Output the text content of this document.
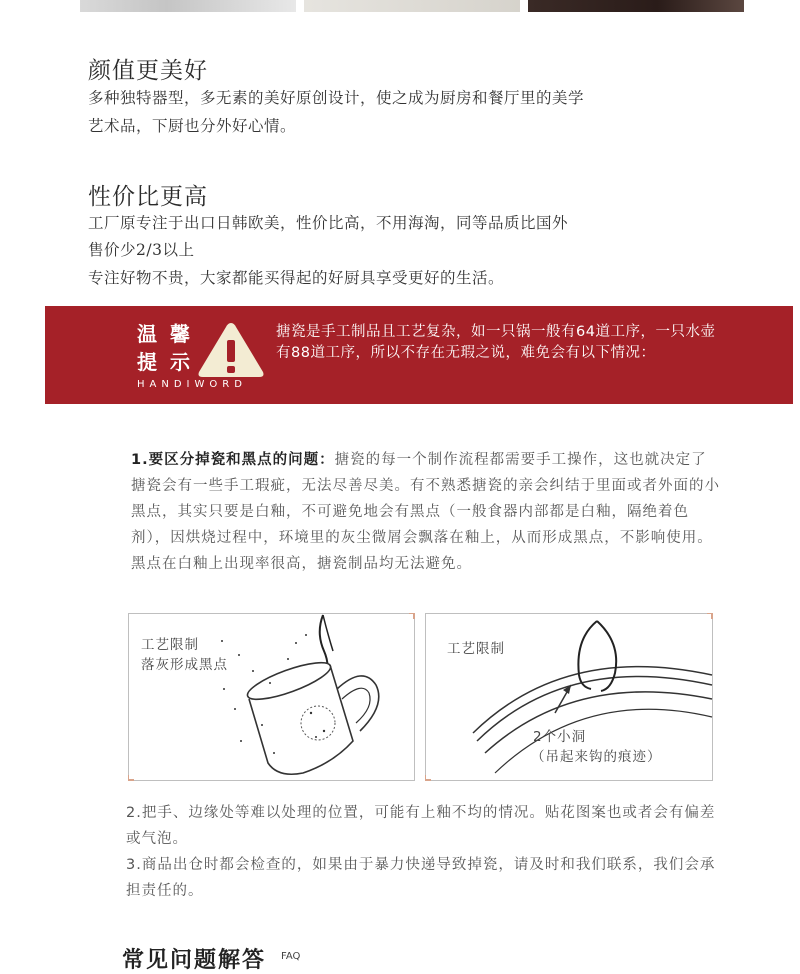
颜值更美好
多种独特器型，多无素的美好原创设计，使之成为厨房和餐厅里的美学
艺术品，下厨也分外好心情。
性价比更高
工厂原专注于出口日韩欧美，性价比高，不用海淘，同等品质比国外
售价少2/3以上
专注好物不贵，大家都能买得起的好厨具享受更好的生活。
温 馨
提 示
HANDIWORD
搪瓷是手工制品且工艺复杂，如一只锅一般有64道工序，一只水壶有88道工序，所以不存在无瑕之说，难免会有以下情况：
1.要区分掉瓷和黑点的问题：搪瓷的每一个制作流程都需要手工操作，这也就决定了搪瓷会有一些手工瑕疵，无法尽善尽美。有不熟悉搪瓷的亲会纠结于里面或者外面的小黑点，其实只要是白釉，不可避免地会有黑点（一般食器内部都是白釉，隔绝着色剂），因烘烧过程中，环境里的灰尘微屑会飘落在釉上，从而形成黑点，不影响使用。黑点在白釉上出现率很高，搪瓷制品均无法避免。
工艺限制
落灰形成黑点
工艺限制
2个小洞
（吊起来钩的痕迹）
2.把手、边缘处等难以处理的位置，可能有上釉不均的情况。贴花图案也或者会有偏差或气泡。
3.商品出仓时都会检查的，如果由于暴力快递导致掉瓷，请及时和我们联系，我们会承担责任的。
常见问题解答 FAQ
